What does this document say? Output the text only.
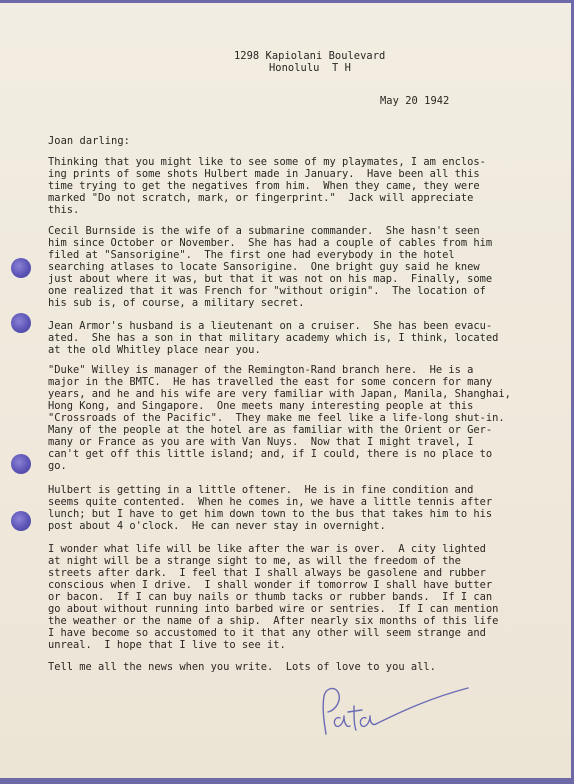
1298 Kapiolani Boulevard
Honolulu  T H
May 20 1942
Joan darling:
Thinking that you might like to see some of my playmates, I am enclos-
ing prints of some shots Hulbert made in January.  Have been all this
time trying to get the negatives from him.  When they came, they were
marked "Do not scratch, mark, or fingerprint."  Jack will appreciate
this.
Cecil Burnside is the wife of a submarine commander.  She hasn't seen
him since October or November.  She has had a couple of cables from him
filed at "Sansorigine".  The first one had everybody in the hotel
searching atlases to locate Sansorigine.  One bright guy said he knew
just about where it was, but that it was not on his map.  Finally, some
one realized that it was French for "without origin".  The location of
his sub is, of course, a military secret.
Jean Armor's husband is a lieutenant on a cruiser.  She has been evacu-
ated.  She has a son in that military academy which is, I think, located
at the old Whitley place near you.
"Duke" Willey is manager of the Remington-Rand branch here.  He is a
major in the BMTC.  He has travelled the east for some concern for many
years, and he and his wife are very familiar with Japan, Manila, Shanghai,
Hong Kong, and Singapore.  One meets many interesting people at this
"Crossroads of the Pacific".  They make me feel like a life-long shut-in.
Many of the people at the hotel are as familiar with the Orient or Ger-
many or France as you are with Van Nuys.  Now that I might travel, I
can't get off this little island; and, if I could, there is no place to
go.
Hulbert is getting in a little oftener.  He is in fine condition and
seems quite contented.  When he comes in, we have a little tennis after
lunch; but I have to get him down town to the bus that takes him to his
post about 4 o'clock.  He can never stay in overnight.
I wonder what life will be like after the war is over.  A city lighted
at night will be a strange sight to me, as will the freedom of the
streets after dark.  I feel that I shall always be gasolene and rubber
conscious when I drive.  I shall wonder if tomorrow I shall have butter
or bacon.  If I can buy nails or thumb tacks or rubber bands.  If I can
go about without running into barbed wire or sentries.  If I can mention
the weather or the name of a ship.  After nearly six months of this life
I have become so accustomed to it that any other will seem strange and
unreal.  I hope that I live to see it.
Tell me all the news when you write.  Lots of love to you all.
